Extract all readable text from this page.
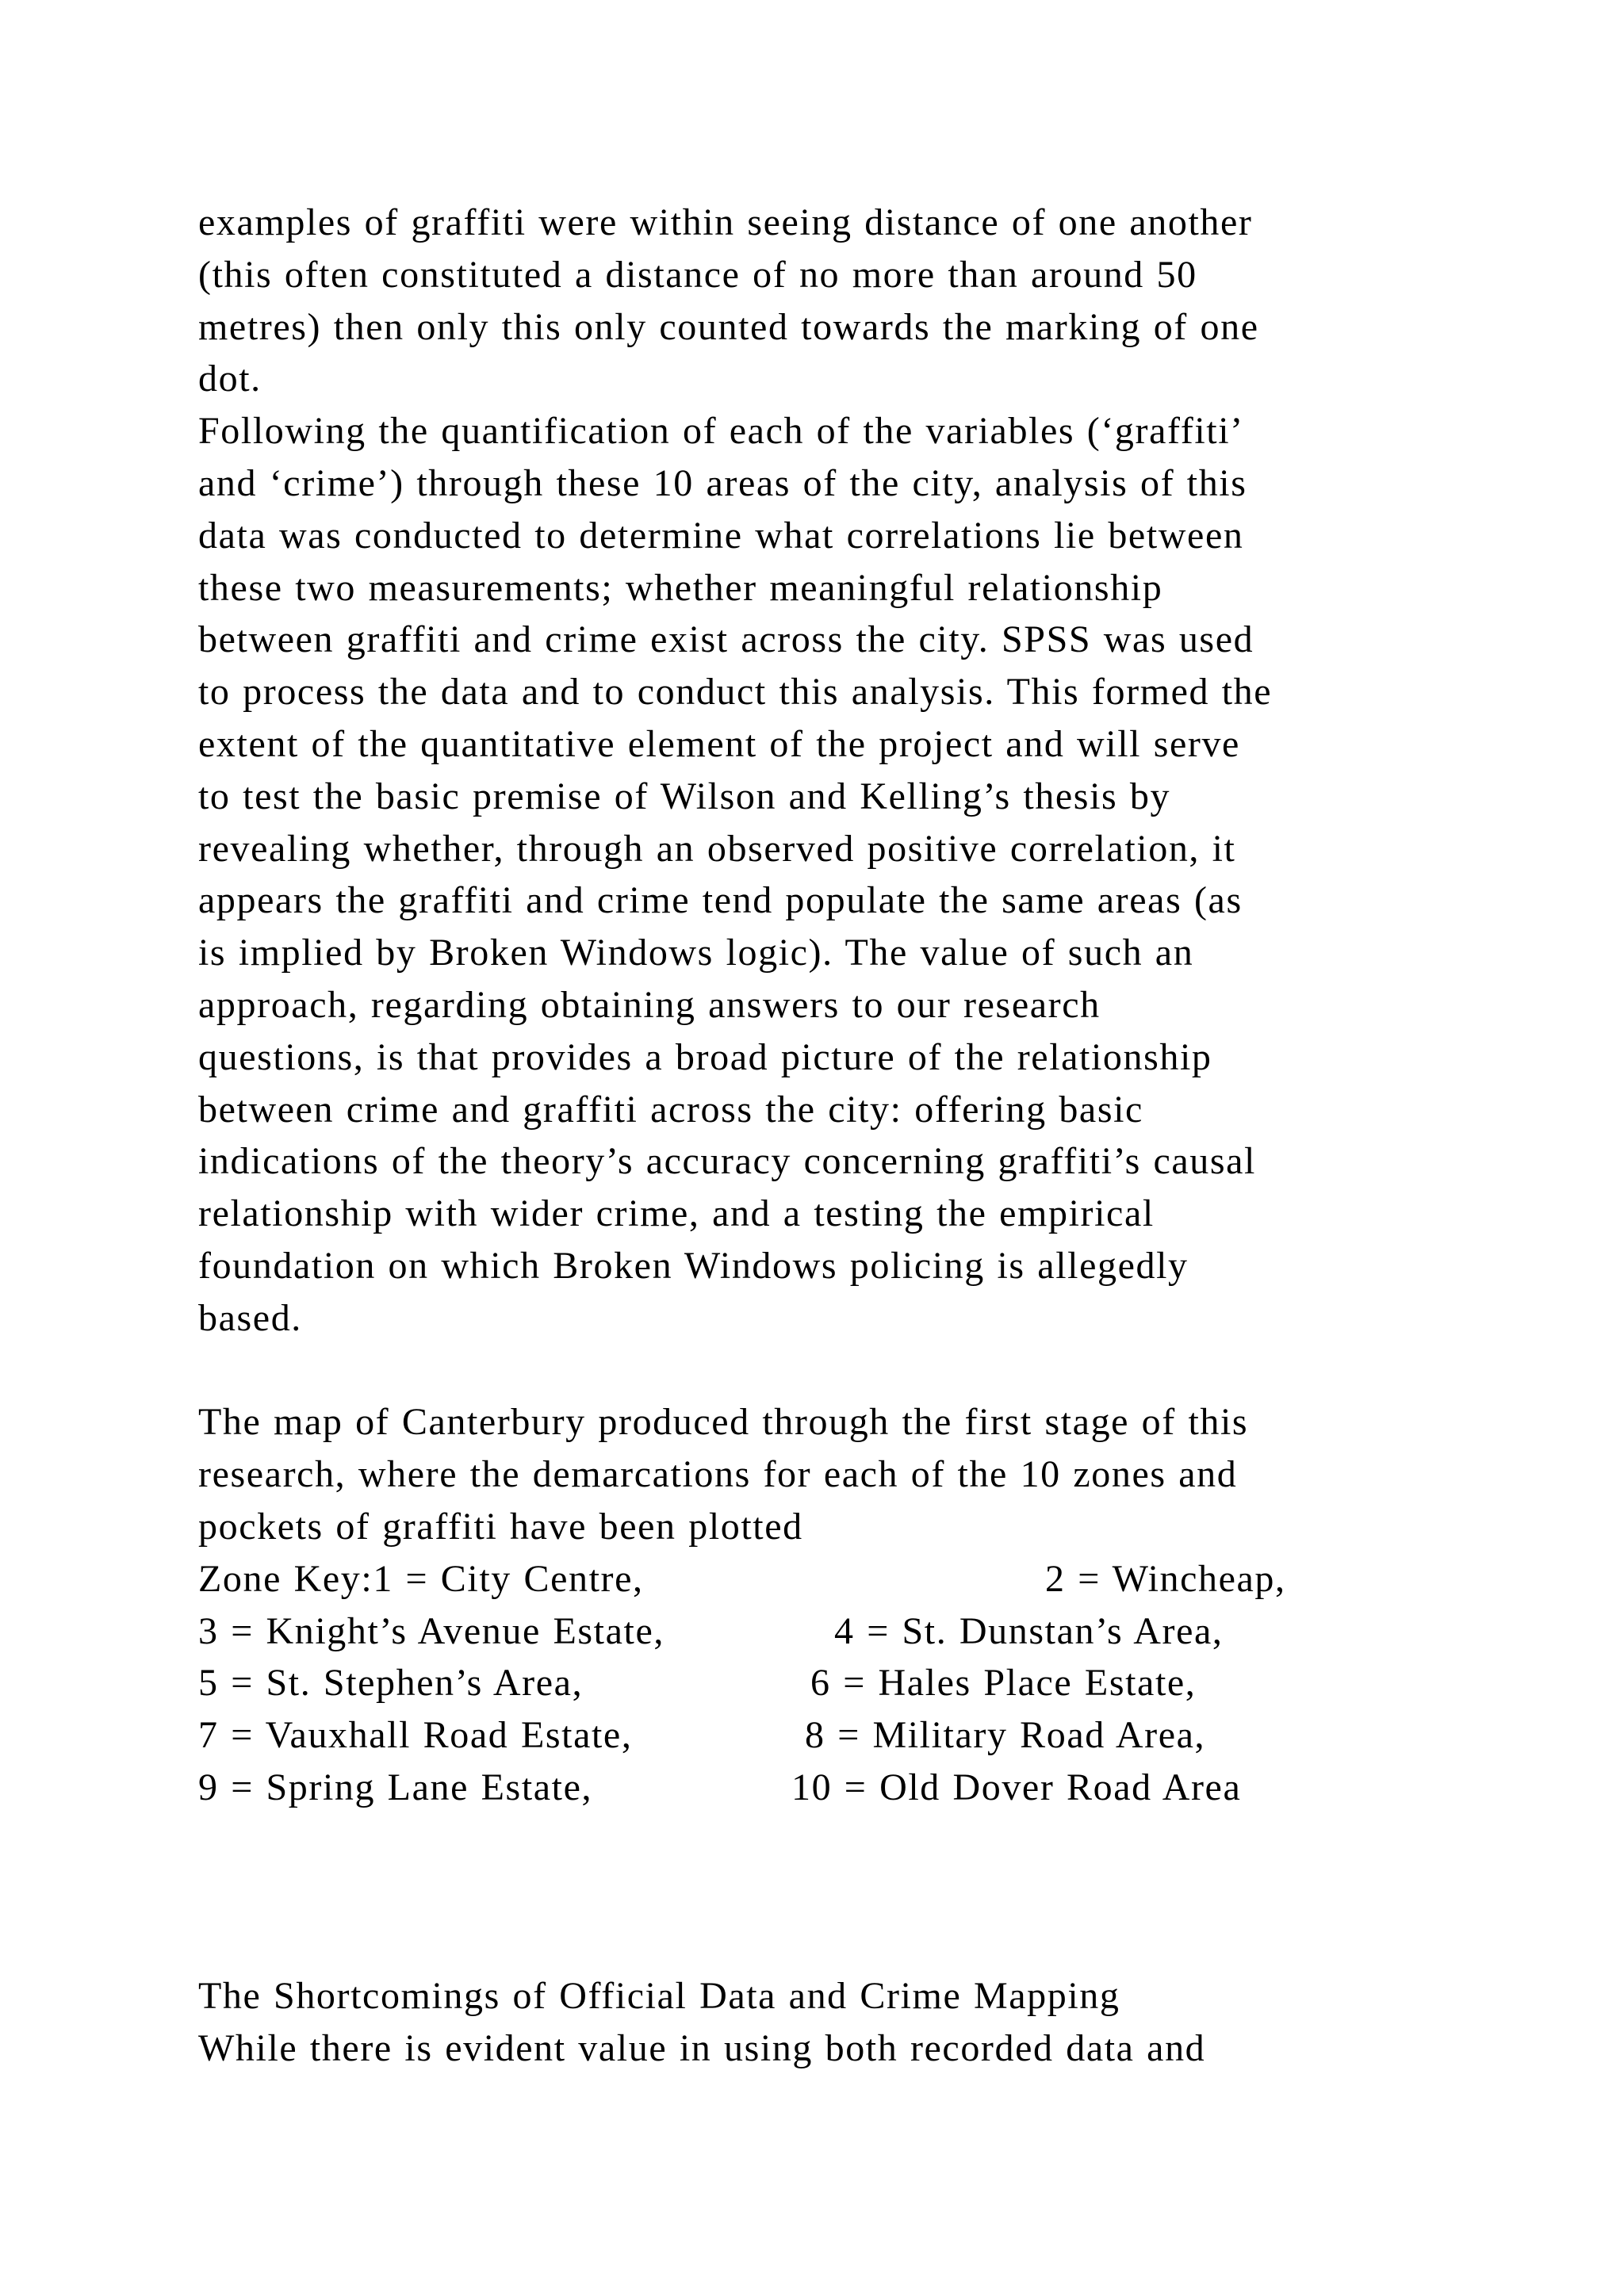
examples of graffiti were within seeing distance of one another
(this often constituted a distance of no more than around 50
metres) then only this only counted towards the marking of one
dot.
Following the quantification of each of the variables (‘graffiti’
and ‘crime’) through these 10 areas of the city, analysis of this
data was conducted to determine what correlations lie between
these two measurements; whether meaningful relationship
between graffiti and crime exist across the city. SPSS was used
to process the data and to conduct this analysis. This formed the
extent of the quantitative element of the project and will serve
to test the basic premise of Wilson and Kelling’s thesis by
revealing whether, through an observed positive correlation, it
appears the graffiti and crime tend populate the same areas (as
is implied by Broken Windows logic). The value of such an
approach, regarding obtaining answers to our research
questions, is that provides a broad picture of the relationship
between crime and graffiti across the city: offering basic
indications of the theory’s accuracy concerning graffiti’s causal
relationship with wider crime, and a testing the empirical
foundation on which Broken Windows policing is allegedly
based.
The map of Canterbury produced through the first stage of this
research, where the demarcations for each of the 10 zones and
pockets of graffiti have been plotted

Zone Key:1 = City Centre,

	2 = Wincheap,

3 = Knight’s Avenue Estate,

	4 = St. Dunstan’s Area,

5 = St. Stephen’s Area,

	6 = Hales Place Estate,

7 = Vauxhall Road Estate,

	8 = Military Road Area,

9 = Spring Lane Estate,

	10 = Old Dover Road Area

The Shortcomings of Official Data and Crime Mapping
While there is evident value in using both recorded data and
